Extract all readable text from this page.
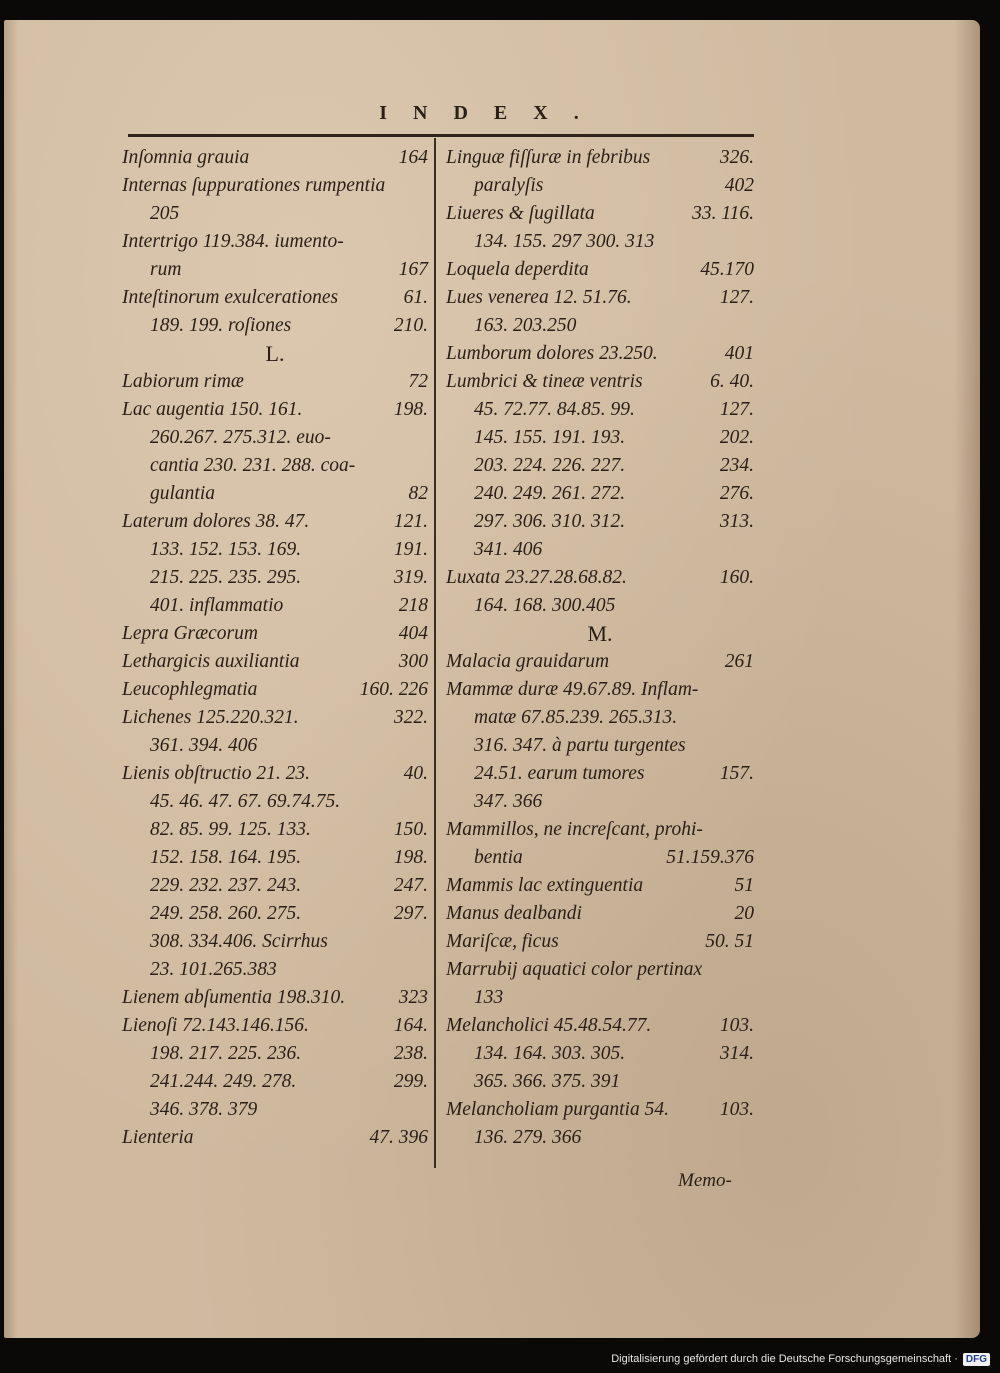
INDEX.
Inſomnia grauia	164
Internas ſuppurationes rumpentia
205
Intertrigo 119.384. iumento-
rum	167
Inteſtinorum exulcerationes	61.
189. 199. roſiones	210.
L.
Labiorum rimæ	72
Lac augentia 150. 161.	198.
260.267. 275.312. euo-
cantia 230. 231. 288. coa-
gulantia	82
Laterum dolores 38. 47.	121.
133. 152. 153. 169.	191.
215. 225. 235. 295.	319.
401. inflammatio	218
Lepra Græcorum	404
Lethargicis auxiliantia	300
Leucophlegmatia	160. 226
Lichenes 125.220.321.	322.
361. 394. 406
Lienis obſtructio 21. 23.	40.
45. 46. 47. 67. 69.74.75.
82. 85. 99. 125. 133.	150.
152. 158. 164. 195.	198.
229. 232. 237. 243.	247.
249. 258. 260. 275.	297.
308. 334.406. Scirrhus
23. 101.265.383
Lienem abſumentia 198.310.	323
Lienoſi 72.143.146.156.	164.
198. 217. 225. 236.	238.
241.244. 249. 278.	299.
346. 378. 379
Lienteria	47. 396
Linguæ fiſſuræ in febribus	326.
paralyſis	402
Liueres & ſugillata	33. 116.
134. 155. 297 300. 313
Loquela deperdita	45.170
Lues venerea 12. 51.76.	127.
163. 203.250
Lumborum dolores 23.250.	401
Lumbrici & tineæ ventris	6. 40.
45. 72.77. 84.85. 99.	127.
145. 155. 191. 193.	202.
203. 224. 226. 227.	234.
240. 249. 261. 272.	276.
297. 306. 310. 312.	313.
341. 406
Luxata 23.27.28.68.82.	160.
164. 168. 300.405
M.
Malacia grauidarum	261
Mammæ duræ 49.67.89. Inflam-
matæ 67.85.239. 265.313.
316. 347. à partu turgentes
24.51. earum tumores	157.
347. 366
Mammillos, ne increſcant, prohi-
bentia	51.159.376
Mammis lac extinguentia	51
Manus dealbandi	20
Mariſcæ, ficus	50. 51
Marrubij aquatici color pertinax
133
Melancholici 45.48.54.77.	103.
134. 164. 303. 305.	314.
365. 366. 375. 391
Melancholiam purgantia 54.	103.
136. 279. 366
Memo-
Digitalisierung gefördert durch die Deutsche Forschungsgemeinschaft · DFG
